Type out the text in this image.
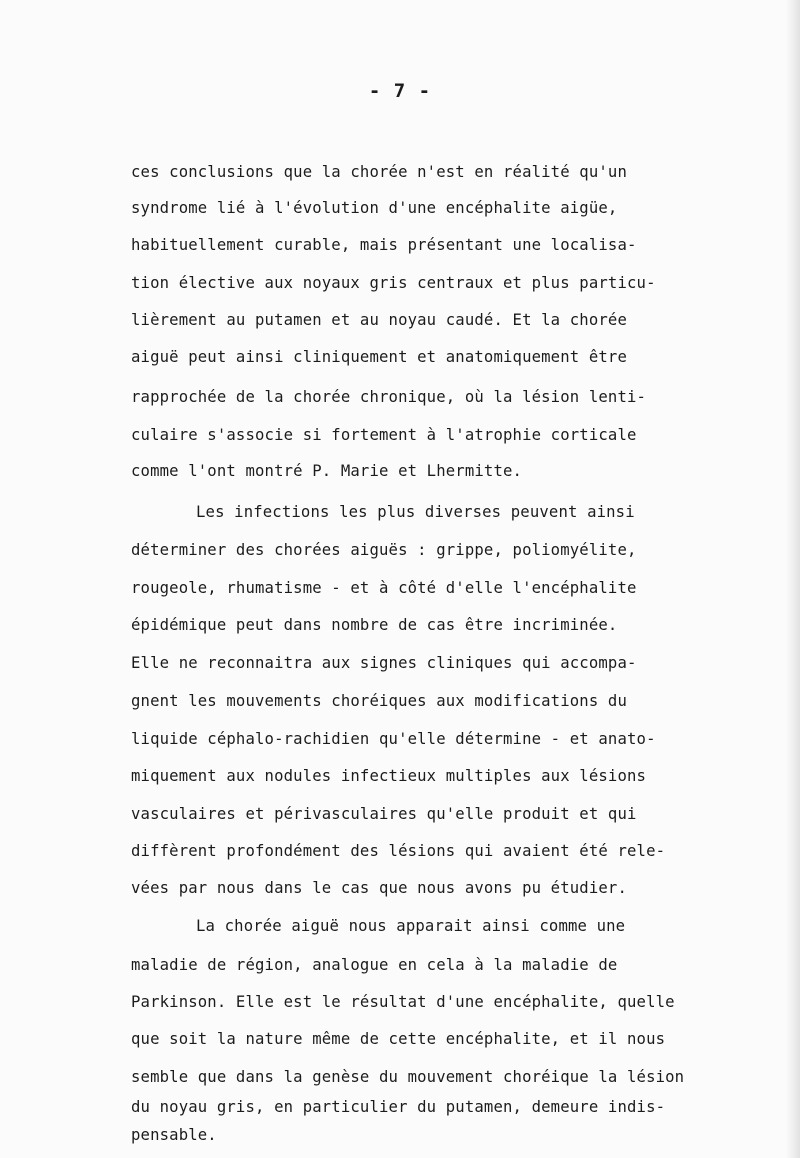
- 7 -
ces conclusions que la chorée n'est en réalité qu'un
syndrome lié à l'évolution d'une encéphalite aigüe,
habituellement curable, mais présentant une localisa-
tion élective aux noyaux gris centraux et plus particu-
lièrement au putamen et au noyau caudé. Et la chorée
aiguë peut ainsi cliniquement et anatomiquement être
rapprochée de la chorée chronique, où la lésion lenti-
culaire s'associe si fortement à l'atrophie corticale
comme l'ont montré P. Marie et Lhermitte.
Les infections les plus diverses peuvent ainsi
déterminer des chorées aiguës : grippe, poliomyélite,
rougeole, rhumatisme - et à côté d'elle l'encéphalite
épidémique peut dans nombre de cas être incriminée.
Elle ne reconnaitra aux signes cliniques qui accompa-
gnent les mouvements choréiques aux modifications du
liquide céphalo-rachidien qu'elle détermine - et anato-
miquement aux nodules infectieux multiples aux lésions
vasculaires et périvasculaires qu'elle produit et qui
diffèrent profondément des lésions qui avaient été rele-
vées par nous dans le cas que nous avons pu étudier.
La chorée aiguë nous apparait ainsi comme une
maladie de région, analogue en cela à la maladie de
Parkinson. Elle est le résultat d'une encéphalite, quelle
que soit la nature même de cette encéphalite, et il nous
semble que dans la genèse du mouvement choréique la lésion
du noyau gris, en particulier du putamen, demeure indis-
pensable.
